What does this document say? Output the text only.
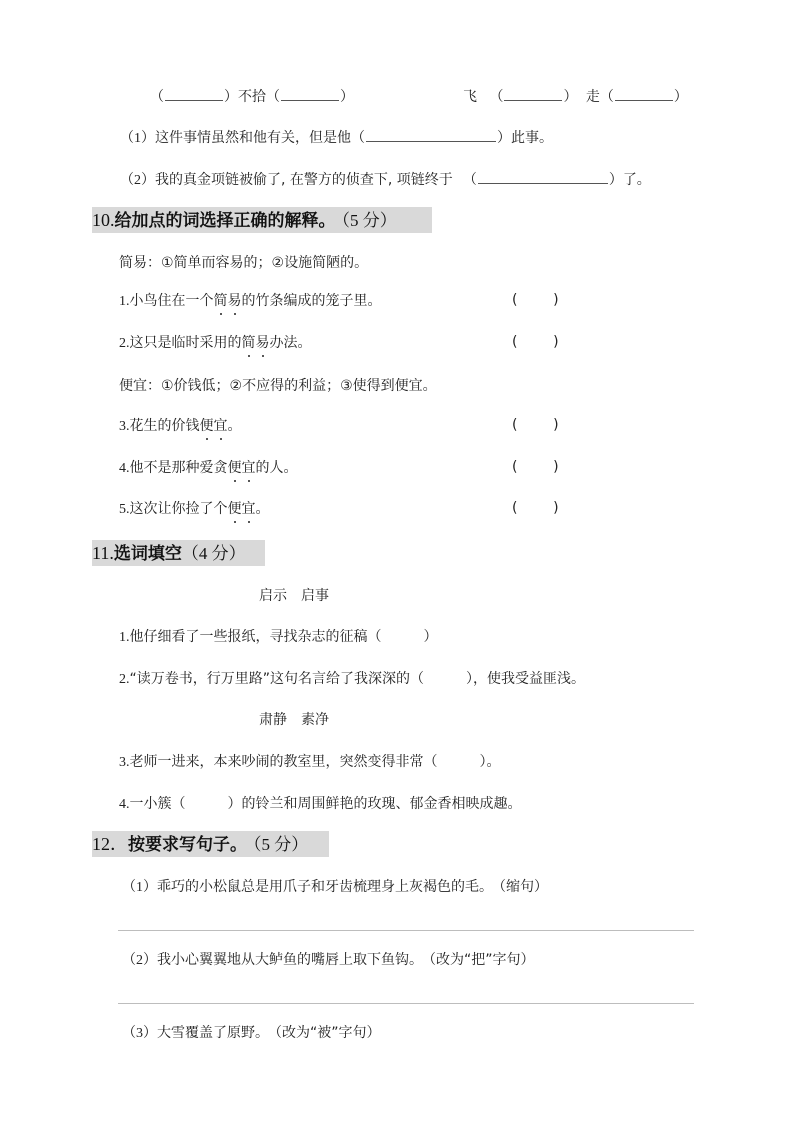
（	）不拾（	）	飞 （	） 走（	）
（1）这件事情虽然和他有关，但是他（	）此事。
（2）我的真金项链被偷了, 在警方的侦查下, 项链终于 （	）了。
10.给加点的词选择正确的解释。 （5 分）
简易：①简单而容易的；②设施简陋的。
1.小鸟住在一个简易的竹条编成的笼子里。	(        )
2.这只是临时采用的简易办法。	(        )
便宜：①价钱低；②不应得的利益；③使得到便宜。
3.花生的价钱便宜。	(        )
4.他不是那种爱贪便宜的人。	(        )
5.这次让你捡了个便宜。	(        )
11.选词填空（4 分）
启示　启事
1.他仔细看了一些报纸，寻找杂志的征稿（　　　）
2.“读万卷书，行万里路”这句名言给了我深深的（　　　），使我受益匪浅。
肃静　素净
3.老师一进来，本来吵闹的教室里，突然变得非常（　　　）。
4.一小簇（　　　）的铃兰和周围鲜艳的玫瑰、郁金香相映成趣。
12．按要求写句子。 （5 分）
（1）乖巧的小松鼠总是用爪子和牙齿梳理身上灰褐色的毛。 （缩句）
（2）我小心翼翼地从大鲈鱼的嘴唇上取下鱼钩。 （改为“把”字句）
（3）大雪覆盖了原野。 （改为“被”字句）
